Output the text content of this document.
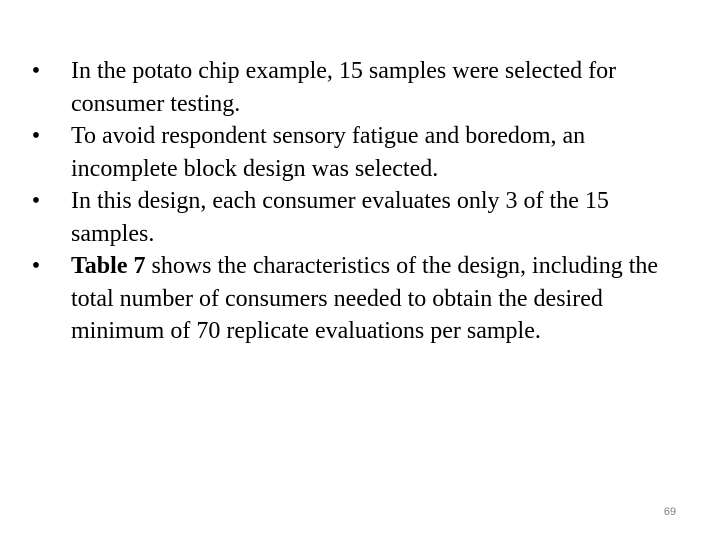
• In the potato chip example, 15 samples were selected for consumer testing.
• To avoid respondent sensory fatigue and boredom, an incomplete block design was selected.
• In this design, each consumer evaluates only 3 of the 15 samples.
• Table 7 shows the characteristics of the design, including the total number of consumers needed to obtain the desired minimum of 70 replicate evaluations per sample.
69
